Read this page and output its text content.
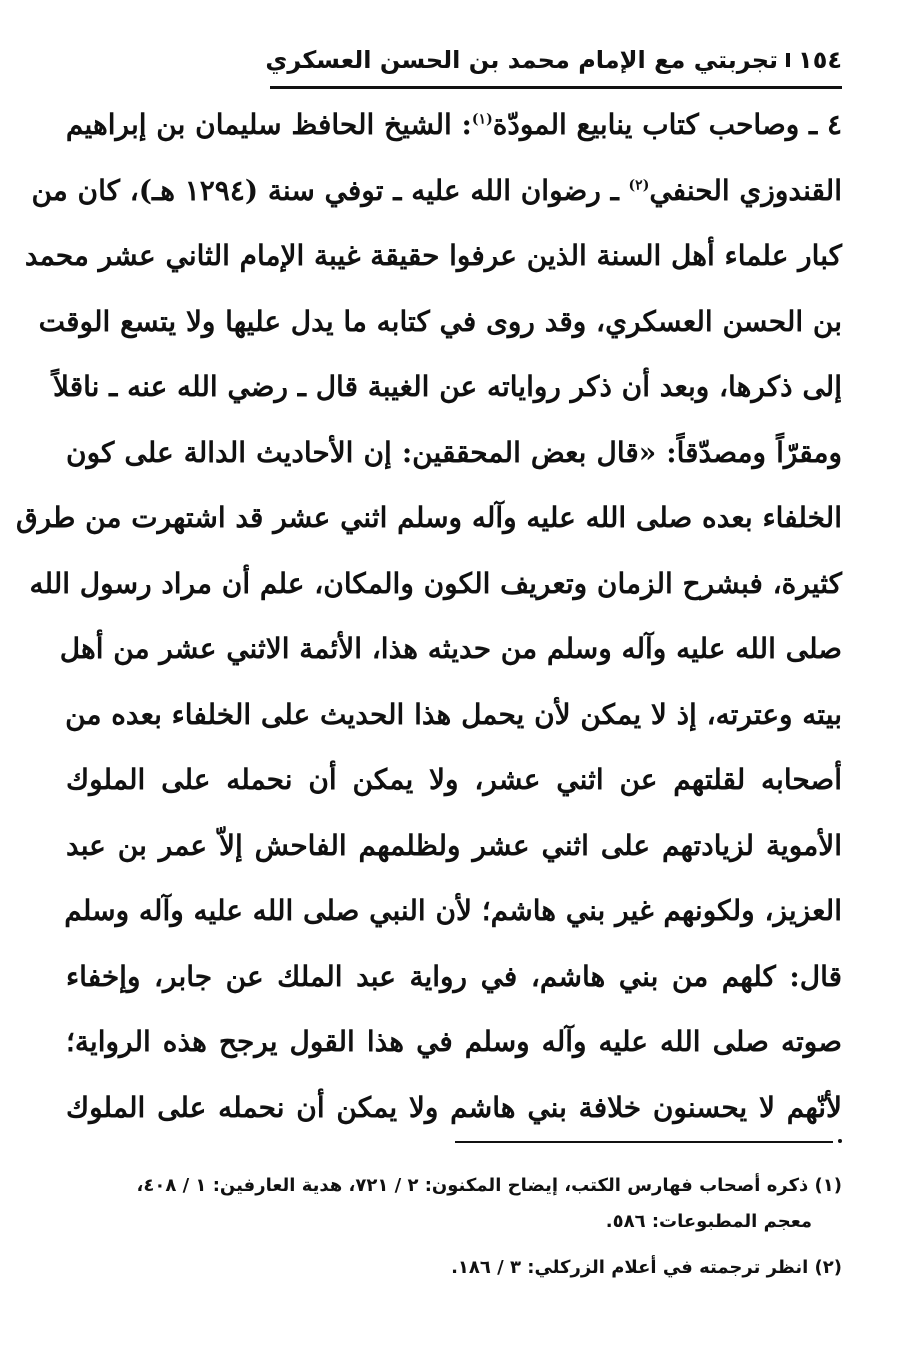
١٥٤
تجربتي مع الإمام محمد بن الحسن العسكري
٤ ـ وصاحب كتاب ينابيع المودّة$^{(١)}$: الشيخ الحافظ سليمان بن إبراهيم
القندوزي الحنفي$^{(٢)}$ ـ رضوان الله عليه ـ توفي سنة (١٢٩٤ هـ)، كان من
كبار علماء أهل السنة الذين عرفوا حقيقة غيبة الإمام الثاني عشر محمد
بن الحسن العسكري، وقد روى في كتابه ما يدل عليها ولا يتسع الوقت
إلى ذكرها، وبعد أن ذكر رواياته عن الغيبة قال ـ رضي الله عنه ـ ناقلاً
ومقرّاً ومصدّقاً: «قال بعض المحققين: إن الأحاديث الدالة على كون
الخلفاء بعده صلى الله عليه وآله وسلم اثني عشر قد اشتهرت من طرق
كثيرة، فبشرح الزمان وتعريف الكون والمكان، علم أن مراد رسول الله
صلى الله عليه وآله وسلم من حديثه هذا، الأئمة الاثني عشر من أهل
بيته وعترته، إذ لا يمكن لأن يحمل هذا الحديث على الخلفاء بعده من
أصحابه لقلتهم عن اثني عشر، ولا يمكن أن نحمله على الملوك
الأموية لزيادتهم على اثني عشر ولظلمهم الفاحش إلاّ عمر بن عبد
العزيز، ولكونهم غير بني هاشم؛ لأن النبي صلى الله عليه وآله وسلم
قال: كلهم من بني هاشم، في رواية عبد الملك عن جابر، وإخفاء
صوته صلى الله عليه وآله وسلم في هذا القول يرجح هذه الرواية؛
لأنّهم لا يحسنون خلافة بني هاشم ولا يمكن أن نحمله على الملوك
(١) ذكره أصحاب فهارس الكتب، إيضاح المكنون: ٢ / ٧٢١، هدية العارفين: ١ / ٤٠٨،
معجم المطبوعات: ٥٨٦.
(٢) انظر ترجمته في أعلام الزركلي: ٣ / ١٨٦.
